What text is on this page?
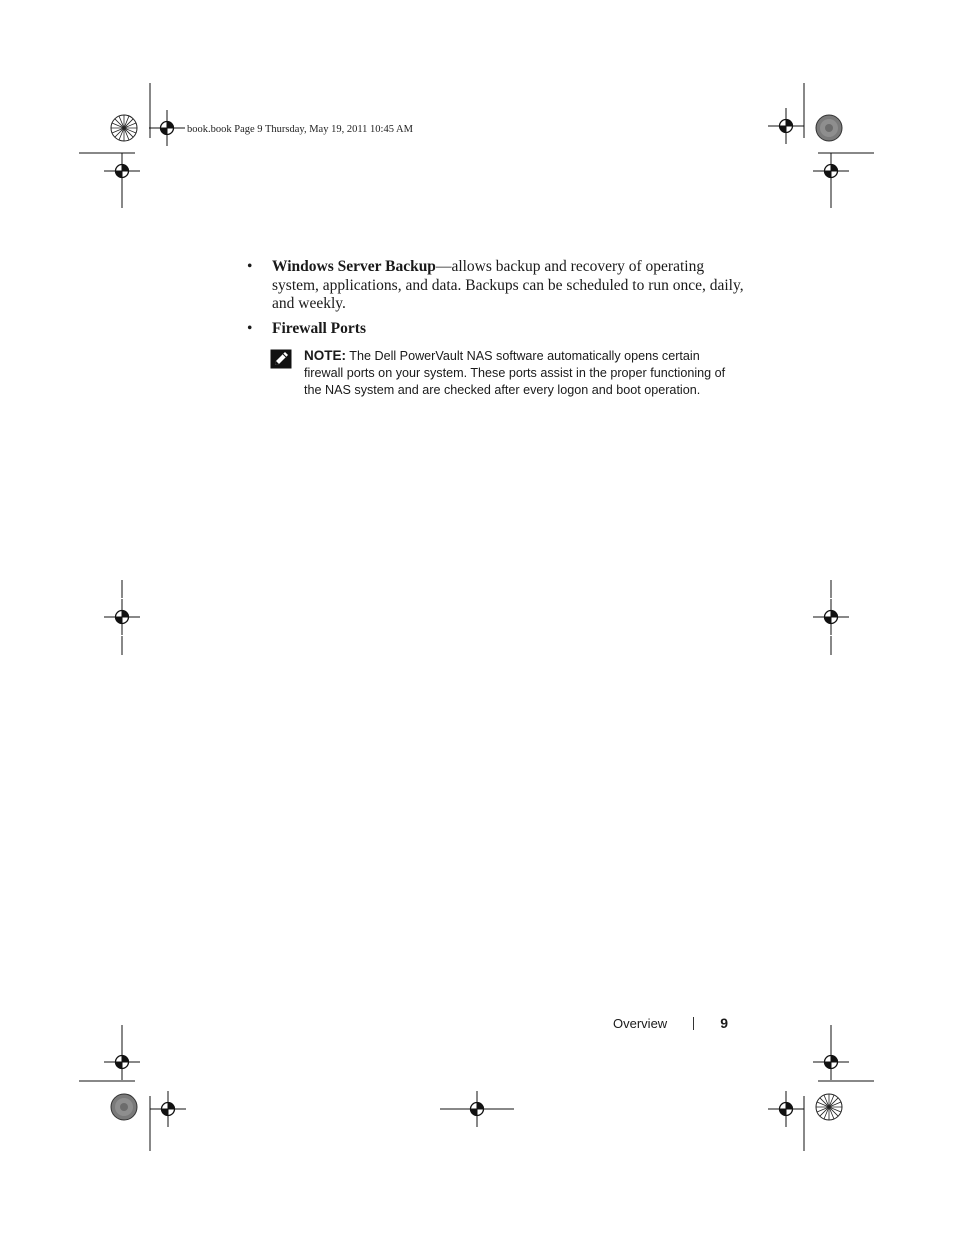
book.book Page 9 Thursday, May 19, 2011 10:45 AM
• Windows Server Backup—allows backup and recovery of operating system, applications, and data. Backups can be scheduled to run once, daily, and weekly.
• Firewall Ports
NOTE: The Dell PowerVault NAS software automatically opens certain firewall ports on your system. These ports assist in the proper functioning of the NAS system and are checked after every logon and boot operation.
Overview	9
